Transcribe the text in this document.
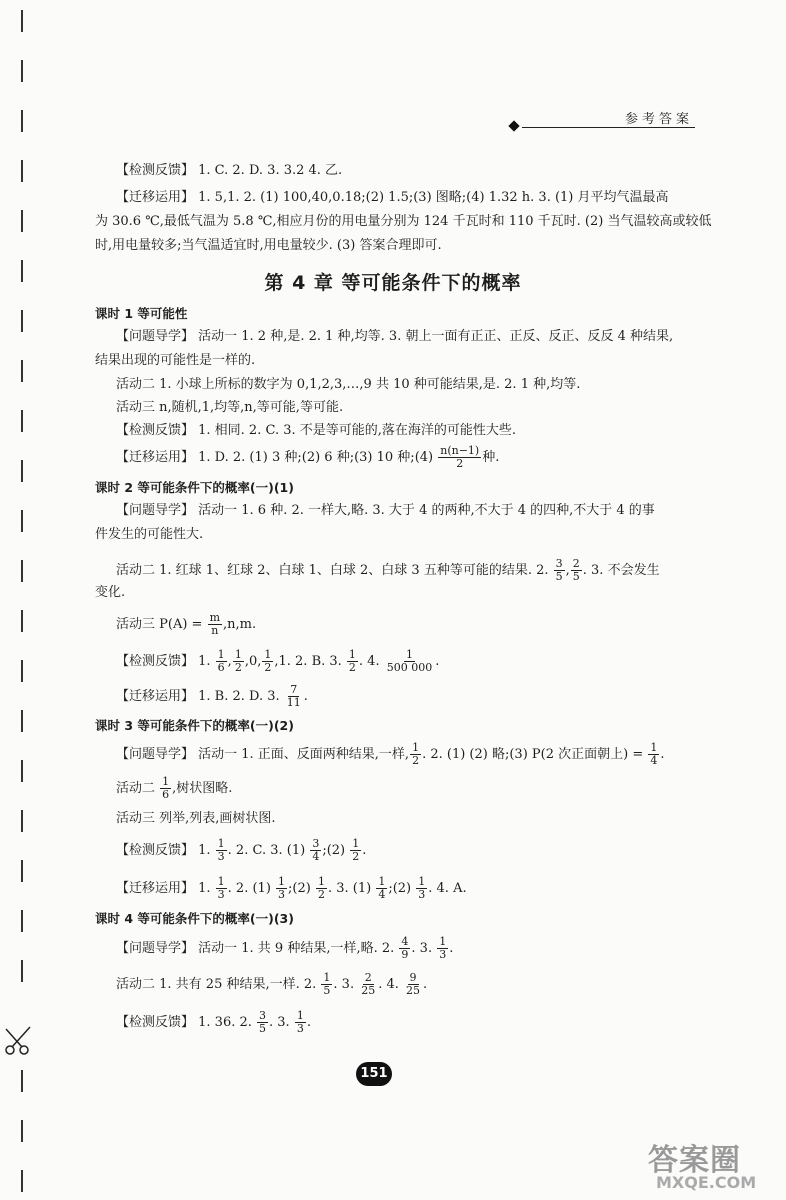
参考答案
【检测反馈】 1. C. 2. D. 3. 3.2 4. 乙.
【迁移运用】 1. 5,1. 2. (1) 100,40,0.18;(2) 1.5;(3) 图略;(4) 1.32 h. 3. (1) 月平均气温最高
为 30.6 ℃,最低气温为 5.8 ℃,相应月份的用电量分别为 124 千瓦时和 110 千瓦时. (2) 当气温较高或较低
时,用电量较多;当气温适宜时,用电量较少. (3) 答案合理即可.
第 4 章 等可能条件下的概率
课时 1 等可能性
【问题导学】 活动一 1. 2 种,是. 2. 1 种,均等. 3. 朝上一面有正正、正反、反正、反反 4 种结果,
结果出现的可能性是一样的.
活动二 1. 小球上所标的数字为 0,1,2,3,…,9 共 10 种可能结果,是. 2. 1 种,均等.
活动三 n,随机,1,均等,n,等可能,等可能.
【检测反馈】 1. 相同. 2. C. 3. 不是等可能的,落在海洋的可能性大些.
【迁移运用】 1. D. 2. (1) 3 种;(2) 6 种;(3) 10 种;(4) $\frac{n(n-1)}{2}$ 种.
课时 2 等可能条件下的概率(一)(1)
【问题导学】 活动一 1. 6 种. 2. 一样大,略. 3. 大于 4 的两种,不大于 4 的四种,不大于 4 的事
件发生的可能性大.
活动二 1. 红球 1、红球 2、白球 1、白球 2、白球 3 五种等可能的结果. 2. $\frac{3}{5}$ , $\frac{2}{5}$ . 3. 不会发生
变化.
活动三 $P(A) = \frac{m}{n} ,n,m$.
【检测反馈】 1. $\frac{1}{6}$ , $\frac{1}{2} ,0$, $\frac{1}{2} ,1$. 2. B. 3. $\frac{1}{2}$ . 4. $\frac{1}{500 000}$ .
【迁移运用】 1. B. 2. D. 3. $\frac{7}{11}$ .
课时 3 等可能条件下的概率(一)(2)
【问题导学】 活动一 1. 正面、反面两种结果,一样, $\frac{1}{2}$ . 2. (1) (2) 略;(3) P(2 次正面朝上) = $\frac{1}{4}$ .
活动二 $\frac{1}{6}$ ,树状图略.
活动三 列举,列表,画树状图.
【检测反馈】 1. $\frac{1}{3}$ . 2. C. 3. $(1) \frac{3}{4}$ ;(2) $\frac{1}{2}$ .
【迁移运用】 1. $\frac{1}{3}$ . 2. $(1) \frac{1}{3}$ ;(2) $\frac{1}{2}$ . 3. $(1) \frac{1}{4}$ ;(2) $\frac{1}{3}$ . 4. A.
课时 4 等可能条件下的概率(一)(3)
【问题导学】 活动一 1. 共 9 种结果,一样,略. 2. $\frac{4}{9}$ . 3. $\frac{1}{3}$ .
活动二 1. 共有 25 种结果,一样. 2. $\frac{1}{5}$ . 3. $\frac{2}{25}$ . 4. $\frac{9}{25}$ .
【检测反馈】 1. 36. 2. $\frac{3}{5}$ . 3. $\frac{1}{3}$ .
151
答案圈
MXQE.COM
